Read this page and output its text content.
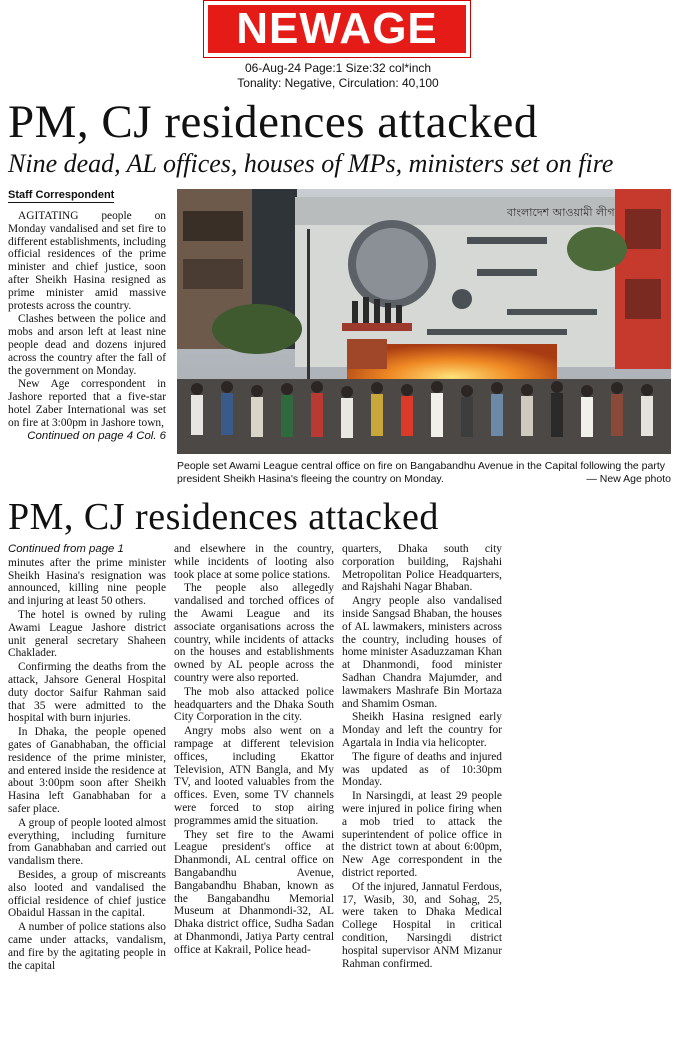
NEWAGE
06-Aug-24 Page:1 Size:32 col*inch
Tonality: Negative, Circulation: 40,100
PM, CJ residences attacked
Nine dead, AL offices, houses of MPs, ministers set on fire
Staff Correspondent

AGITATING people on Monday vandalised and set fire to different establishments, including official residences of the prime minister and chief justice, soon after Sheikh Hasina resigned as prime minister amid massive protests across the country.

Clashes between the police and mobs and arson left at least nine people dead and dozens injured across the country after the fall of the government on Monday.

New Age correspondent in Jashore reported that a five-star hotel Zaber International was set on fire at 3:00pm in Jashore town,

Continued on page 4 Col. 6
বাংলাদেশ আওয়ামী লীগ
People set Awami League central office on fire on Bangabandhu Avenue in the Capital following the party president Sheikh Hasina's fleeing the country on Monday.	— New Age photo
PM, CJ residences attacked

Continued from page 1

minutes after the prime minister Sheikh Hasina's resignation was announced, killing nine people and injuring at least 50 others.

The hotel is owned by ruling Awami League Jashore district unit general secretary Shaheen Chaklader.

Confirming the deaths from the attack, Jahsore General Hospital duty doctor Saifur Rahman said that 35 were admitted to the hospital with burn injuries.

In Dhaka, the people opened gates of Ganabhaban, the official residence of the prime minister, and entered inside the residence at about 3:00pm soon after Sheikh Hasina left Ganabhaban for a safer place.

A group of people looted almost everything, including furniture from Ganabhaban and carried out vandalism there.

Besides, a group of miscreants also looted and vandalised the official residence of chief justice Obaidul Hassan in the capital.

A number of police stations also came under attacks, vandalism, and fire by the agitating people in the capital

and elsewhere in the country, while incidents of looting also took place at some police stations.

The people also allegedly vandalised and torched offices of the Awami League and its associate organisations across the country, while incidents of attacks on the houses and establishments owned by AL people across the country were also reported.

The mob also attacked police headquarters and the Dhaka South City Corporation in the city.

Angry mobs also went on a rampage at different television offices, including Ekattor Television, ATN Bangla, and My TV, and looted valuables from the offices. Even, some TV channels were forced to stop airing programmes amid the situation.

They set fire to the Awami League president's office at Dhanmondi, AL central office on Bangabandhu Avenue, Bangabandhu Bhaban, known as the Bangabandhu Memorial Museum at Dhanmondi-32, AL Dhaka district office, Sudha Sadan at Dhanmondi, Jatiya Party central office at Kakrail, Police head-

quarters, Dhaka south city corporation building, Rajshahi Metropolitan Police Headquarters, and Rajshahi Nagar Bhaban.

Angry people also vandalised inside Sangsad Bhaban, the houses of AL lawmakers, ministers across the country, including houses of home minister Asaduzzaman Khan at Dhanmondi, food minister Sadhan Chandra Majumder, and lawmakers Mashrafe Bin Mortaza and Shamim Osman.

Sheikh Hasina resigned early Monday and left the country for Agartala in India via helicopter.

The figure of deaths and injured was updated as of 10:30pm Monday.

In Narsingdi, at least 29 people were injured in police firing when a mob tried to attack the superintendent of police office in the district town at about 6:00pm, New Age correspondent in the district reported.

Of the injured, Jannatul Ferdous, 17, Wasib, 30, and Sohag, 25, were taken to Dhaka Medical College Hospital in critical condition, Narsingdi district hospital supervisor ANM Mizanur Rahman confirmed.
